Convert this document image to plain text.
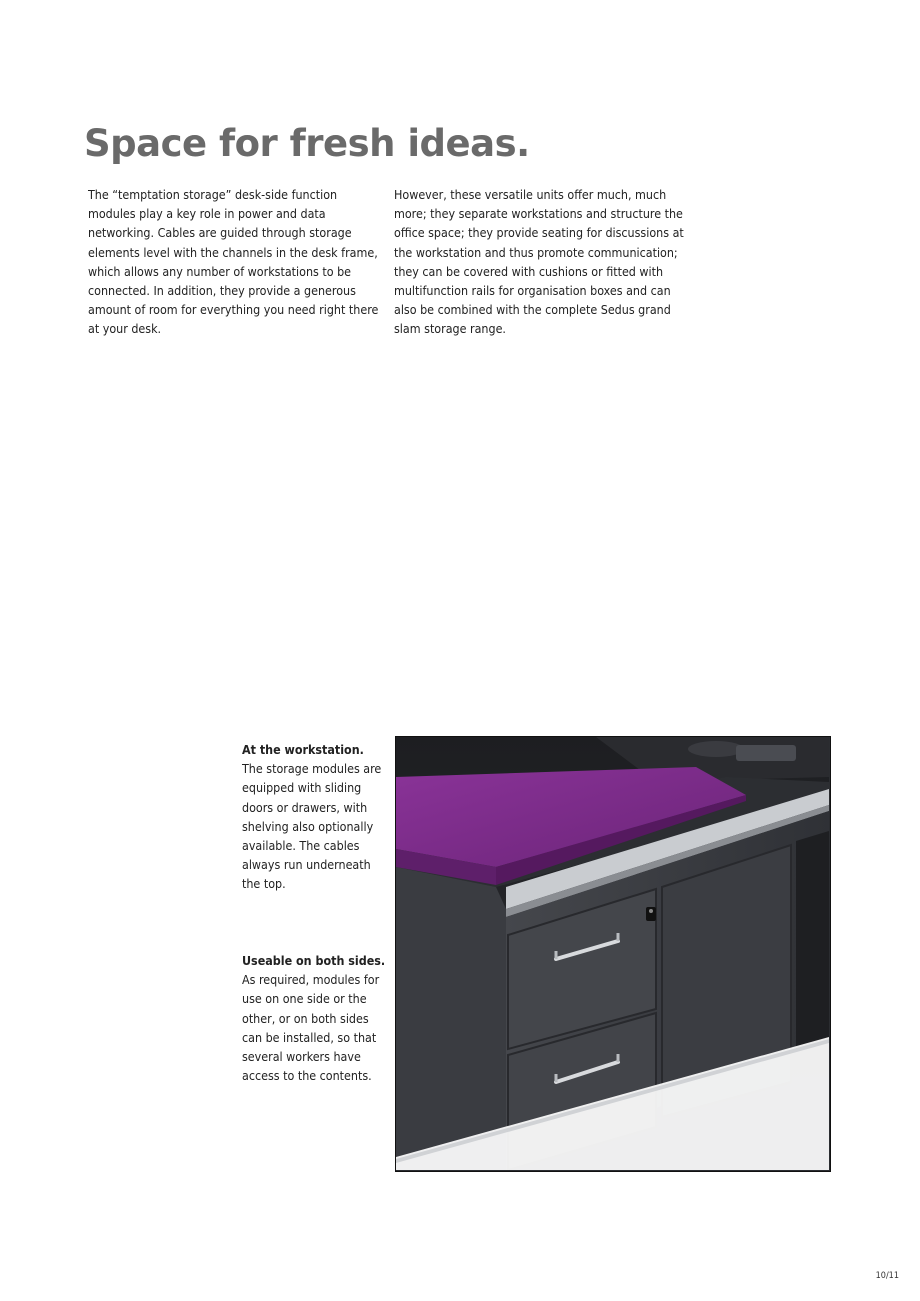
Space for fresh ideas.

The “temptation storage” desk-side function modules play a key role in power and data networking. Cables are guided through storage elements level with the channels in the desk frame, which allows any number of workstations to be connected. In addition, they provide a generous amount of room for everything you need right there at your desk.

However, these versatile units offer much, much more; they separate workstations and structure the office space; they provide seating for discussions at the workstation and thus promote communication; they can be covered with cushions or fitted with multifunction rails for organisation boxes and can also be combined with the complete Sedus grand slam storage range.

At the workstation.
The storage modules are equipped with sliding doors or drawers, with shelving also optionally available. The cables always run underneath the top.
Useable on both sides.
As required, modules for use on one side or the other, or on both sides can be installed, so that several workers have access to the contents.
10/11
